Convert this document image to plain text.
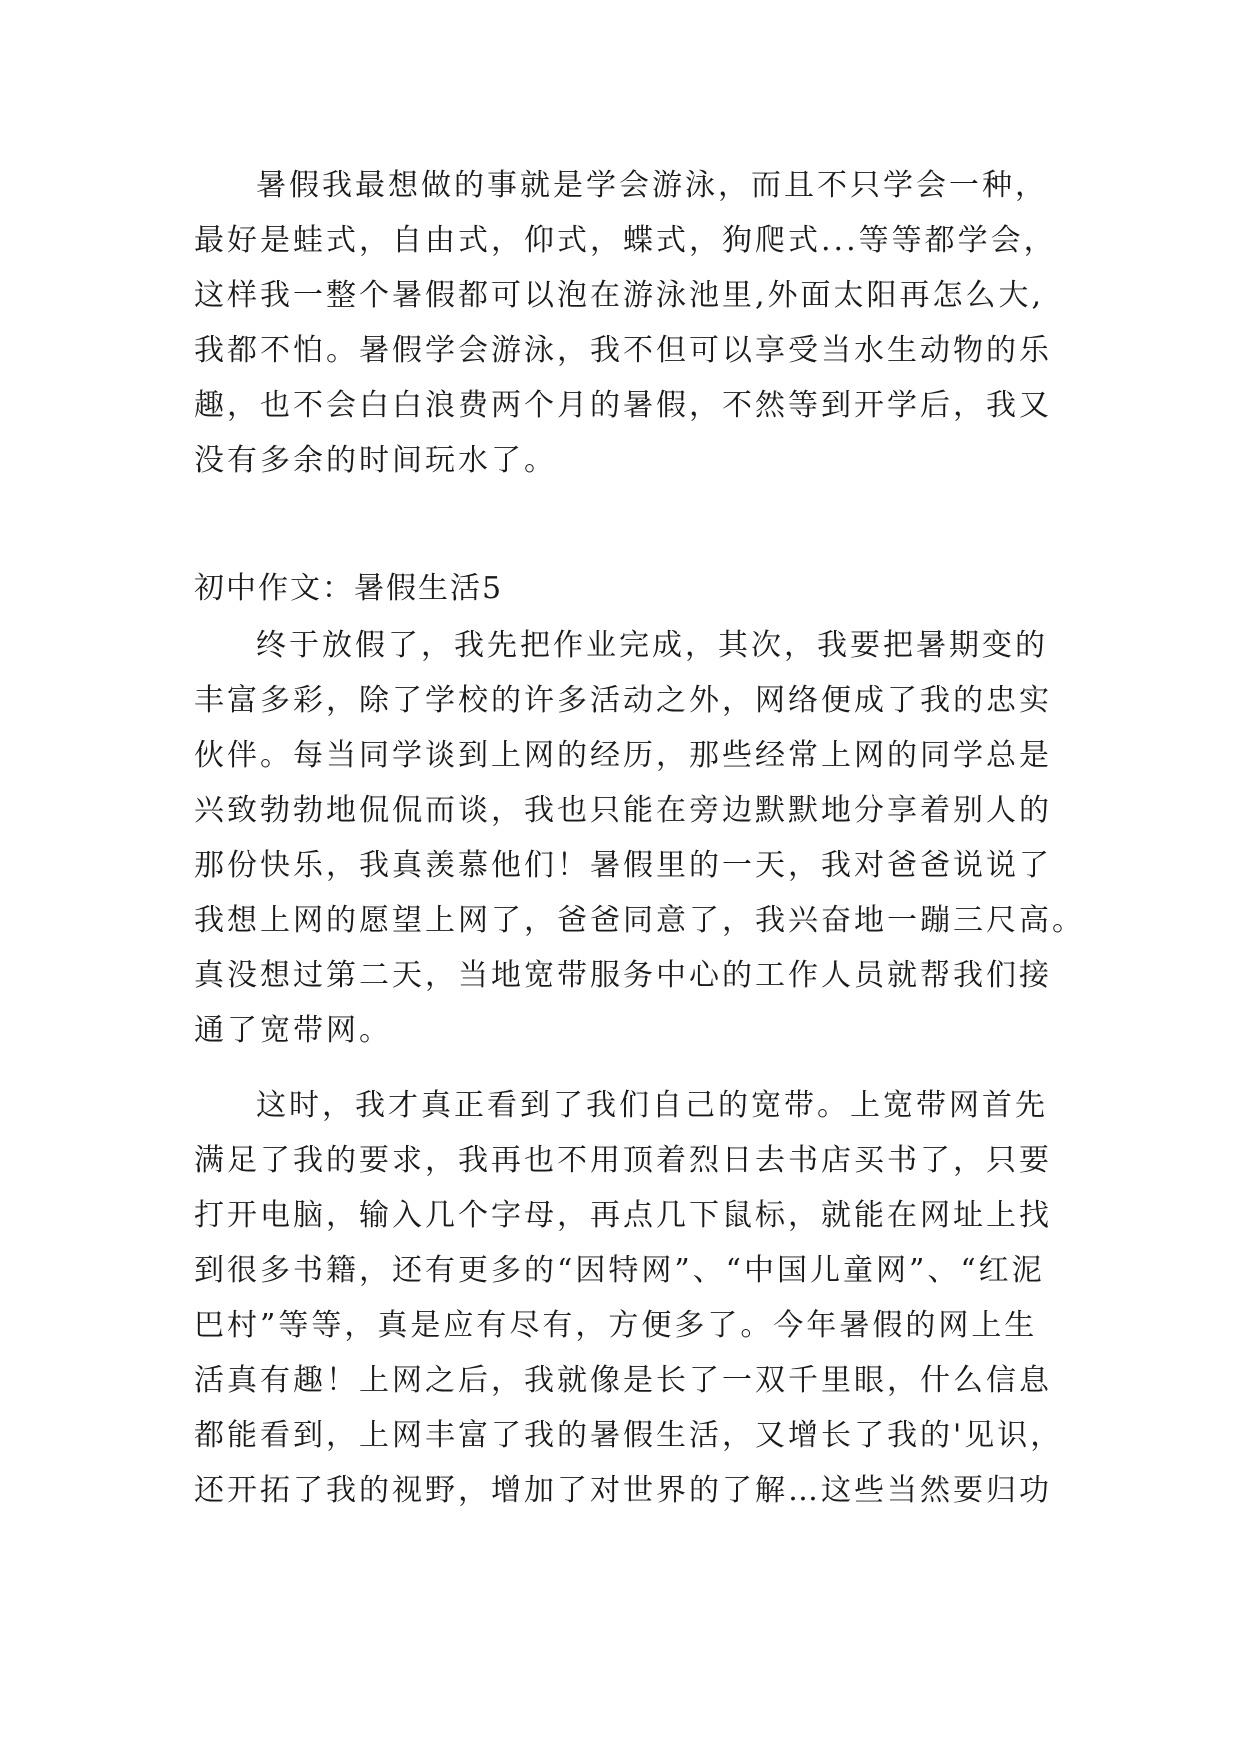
暑假我最想做的事就是学会游泳，而且不只学会一种，
最好是蛙式，自由式，仰式，蝶式，狗爬式...等等都学会，
这样我一整个暑假都可以泡在游泳池里,外面太阳再怎么大,
我都不怕。暑假学会游泳，我不但可以享受当水生动物的乐
趣，也不会白白浪费两个月的暑假，不然等到开学后，我又
没有多余的时间玩水了。
初中作文：暑假生活5
终于放假了，我先把作业完成，其次，我要把暑期变的
丰富多彩，除了学校的许多活动之外，网络便成了我的忠实
伙伴。每当同学谈到上网的经历，那些经常上网的同学总是
兴致勃勃地侃侃而谈，我也只能在旁边默默地分享着别人的
那份快乐，我真羡慕他们！暑假里的一天，我对爸爸说说了
我想上网的愿望上网了，爸爸同意了，我兴奋地一蹦三尺高。
真没想过第二天，当地宽带服务中心的工作人员就帮我们接
通了宽带网。
这时，我才真正看到了我们自己的宽带。上宽带网首先
满足了我的要求，我再也不用顶着烈日去书店买书了，只要
打开电脑，输入几个字母，再点几下鼠标，就能在网址上找
到很多书籍，还有更多的“因特网”、“中国儿童网”、“红泥
巴村”等等，真是应有尽有，方便多了。今年暑假的网上生
活真有趣！上网之后，我就像是长了一双千里眼，什么信息
都能看到，上网丰富了我的暑假生活，又增长了我的'见识，
还开拓了我的视野，增加了对世界的了解…这些当然要归功
